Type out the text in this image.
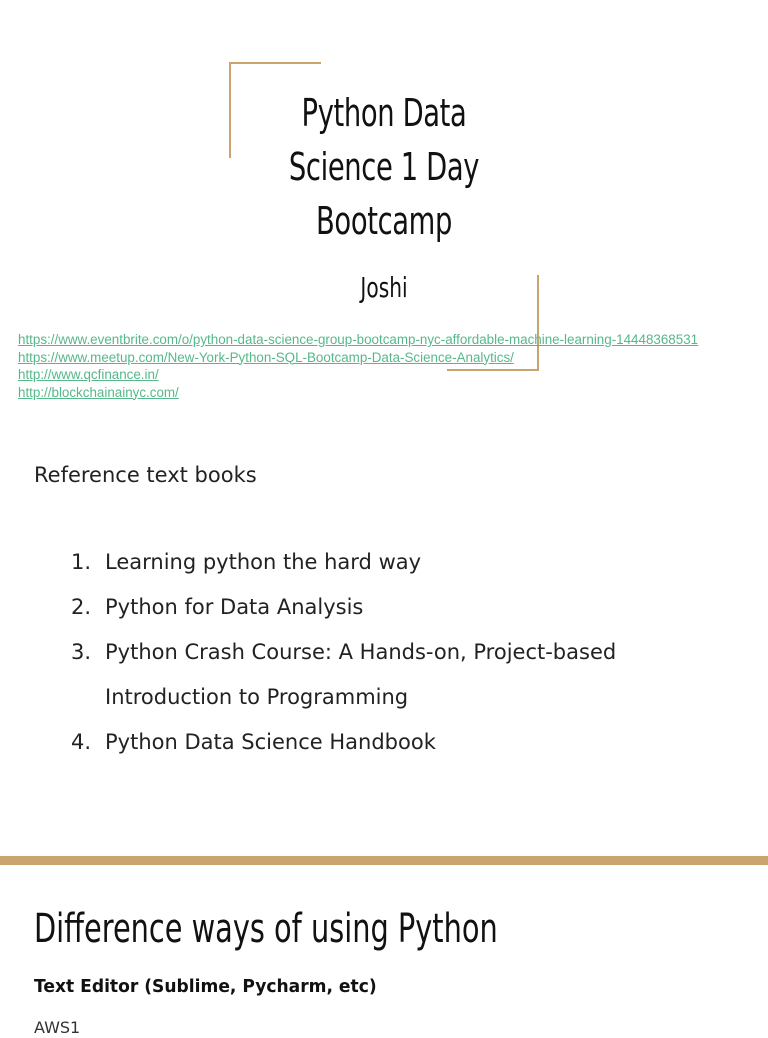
Python Data
Science 1 Day
Bootcamp
Joshi
https://www.eventbrite.com/o/python-data-science-group-bootcamp-nyc-affordable-machine-learning-14448368531
https://www.meetup.com/New-York-Python-SQL-Bootcamp-Data-Science-Analytics/
http://www.qcfinance.in/
http://blockchainainyc.com/
Reference text books
1. Learning python the hard way
2. Python for Data Analysis
3. Python Crash Course: A Hands-on, Project-based Introduction to Programming
4. Python Data Science Handbook
Difference ways of using Python
Text Editor (Sublime, Pycharm, etc)
AWS1
